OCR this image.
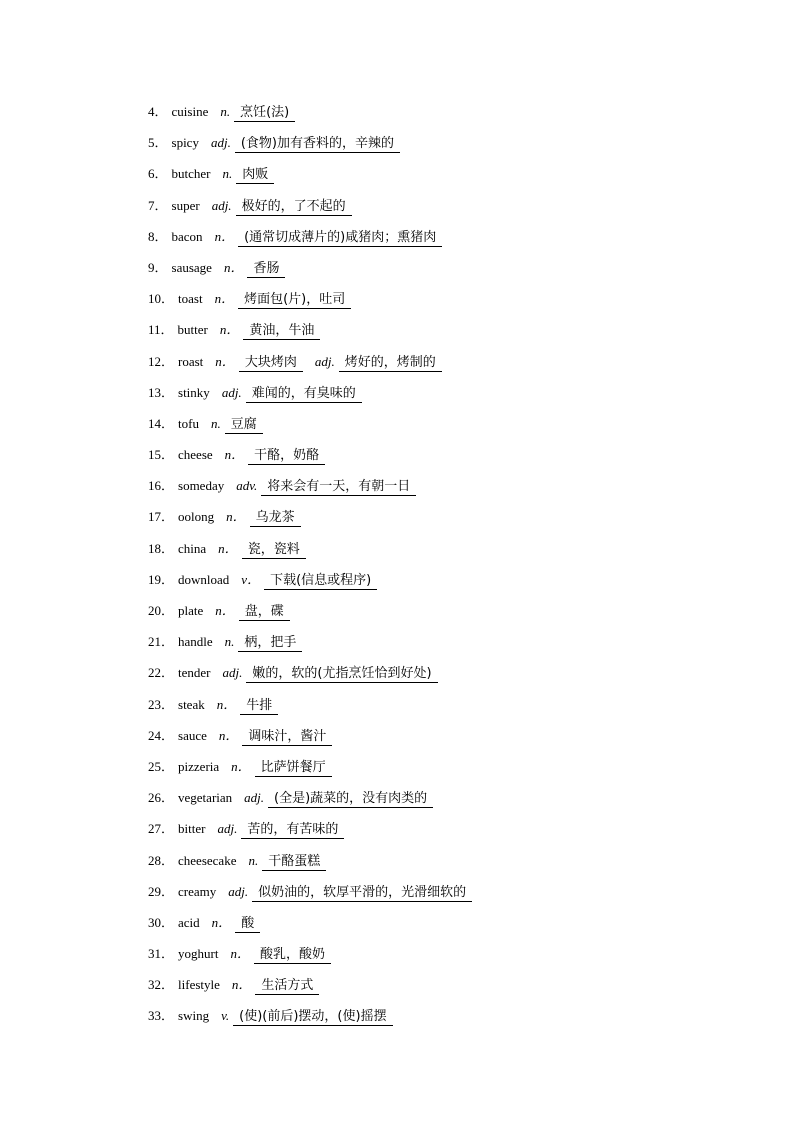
4． cuisine n. 烹饪(法)
5． spicy adj. (食物)加有香料的，辛辣的
6． butcher n. 肉贩
7． super adj. 极好的，了不起的
8． bacon n． (通常切成薄片的)咸猪肉；熏猪肉
9． sausage n． 香肠
10． toast n． 烤面包(片)，吐司
11． butter n． 黄油，牛油
12． roast n． 大块烤肉 adj. 烤好的，烤制的
13． stinky adj. 难闻的，有臭味的
14． tofu n. 豆腐
15． cheese n． 干酪，奶酪
16． someday adv. 将来会有一天，有朝一日
17． oolong n． 乌龙茶
18． china n． 瓷，瓷料
19． download v． 下载(信息或程序)
20． plate n． 盘，碟
21． handle n. 柄，把手
22． tender adj. 嫩的，软的(尤指烹饪恰到好处)
23． steak n． 牛排
24． sauce n． 调味汁，酱汁
25． pizzeria n． 比萨饼餐厅
26． vegetarian adj. (全是)蔬菜的，没有肉类的
27． bitter adj. 苦的，有苦味的
28． cheesecake n. 干酪蛋糕
29． creamy adj. 似奶油的，软厚平滑的，光滑细软的
30． acid n． 酸
31． yoghurt n． 酸乳，酸奶
32． lifestyle n． 生活方式
33． swing v. (使)(前后)摆动，(使)摇摆
